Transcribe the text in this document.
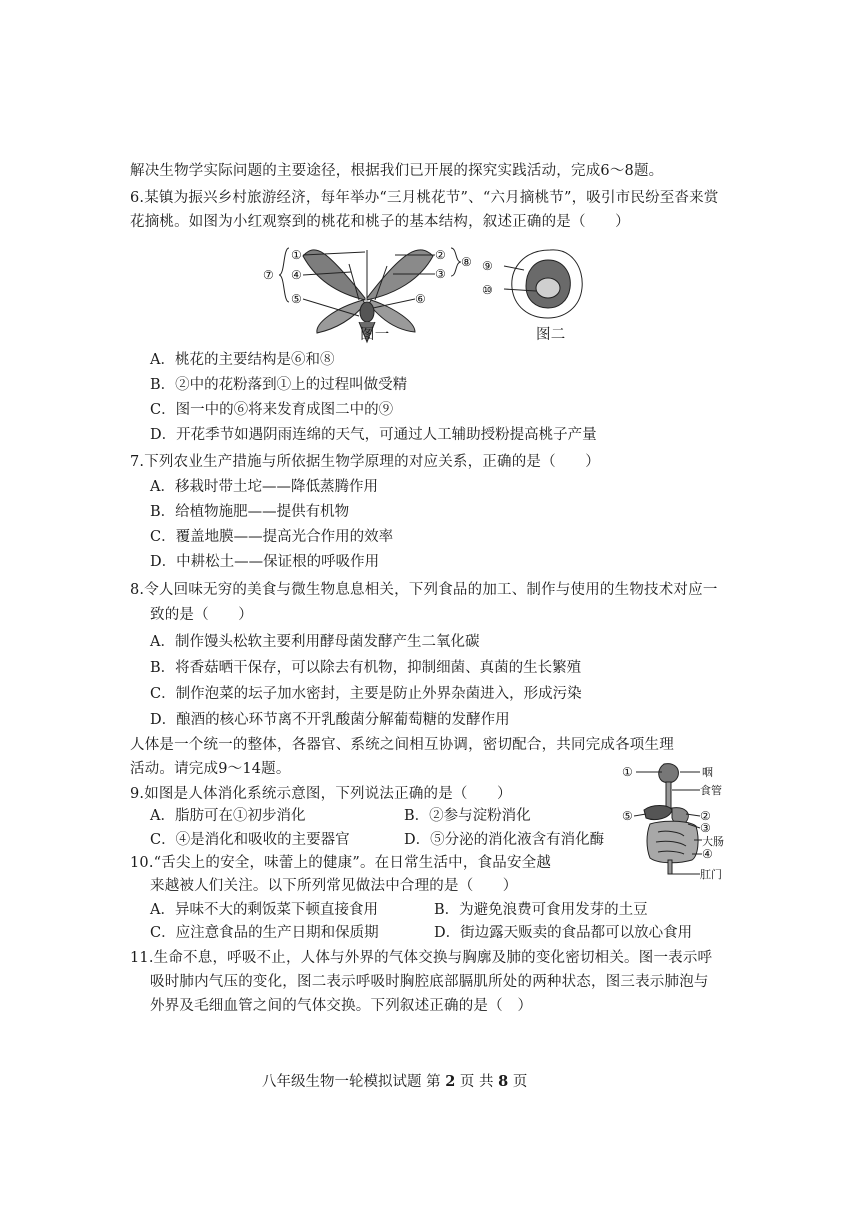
解决生物学实际问题的主要途径，根据我们已开展的探究实践活动，完成6～8题。
6.某镇为振兴乡村旅游经济，每年举办“三月桃花节”、“六月摘桃节”，吸引市民纷至沓来赏
花摘桃。如图为小红观察到的桃花和桃子的基本结构，叙述正确的是（　　）
①
④
⑤
②
③
⑥
⑦
⑧ ⑨
⑩
图一	图二
A．桃花的主要结构是⑥和⑧
B．②中的花粉落到①上的过程叫做受精
C．图一中的⑥将来发育成图二中的⑨
D．开花季节如遇阴雨连绵的天气，可通过人工辅助授粉提高桃子产量
7.下列农业生产措施与所依据生物学原理的对应关系，正确的是（　　）
A．移栽时带土坨——降低蒸腾作用
B．给植物施肥——提供有机物
C．覆盖地膜——提高光合作用的效率
D．中耕松土——保证根的呼吸作用
8.令人回味无穷的美食与微生物息息相关，下列食品的加工、制作与使用的生物技术对应一
致的是（　　）
A．制作馒头松软主要利用酵母菌发酵产生二氧化碳
B．将香菇晒干保存，可以除去有机物，抑制细菌、真菌的生长繁殖
C．制作泡菜的坛子加水密封，主要是防止外界杂菌进入，形成污染
D．酿酒的核心环节离不开乳酸菌分解葡萄糖的发酵作用
人体是一个统一的整体，各器官、系统之间相互协调，密切配合，共同完成各项生理
活动。请完成9～14题。
9.如图是人体消化系统示意图，下列说法正确的是（　　）
A．脂肪可在①初步消化	B．②参与淀粉消化
C．④是消化和吸收的主要器官	D．⑤分泌的消化液含有消化酶
①
⑤	②
③
④
咽
食管
大肠
肛门
10.“舌尖上的安全，味蕾上的健康”。在日常生活中，食品安全越
来越被人们关注。以下所列常见做法中合理的是（　　）
A．异味不大的剩饭菜下顿直接食用	B．为避免浪费可食用发芽的土豆
C．应注意食品的生产日期和保质期	D．街边露天贩卖的食品都可以放心食用
11.生命不息，呼吸不止，人体与外界的气体交换与胸廓及肺的变化密切相关。图一表示呼
吸时肺内气压的变化，图二表示呼吸时胸腔底部膈肌所处的两种状态，图三表示肺泡与
外界及毛细血管之间的气体交换。下列叙述正确的是（　）
八年级生物一轮模拟试题 第 2 页 共 8 页
